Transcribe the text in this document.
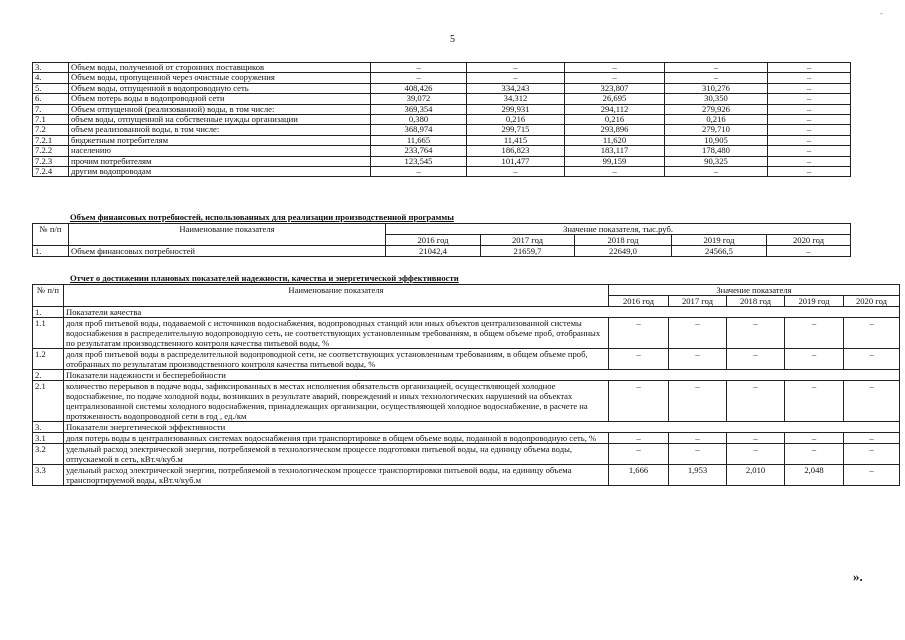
5
-
3.	Объем воды, полученной от сторонних поставщиков	–	–	–	–	–
4.	Объем воды, пропущенной через очистные сооружения	–	–	–	–	–
5.	Объем воды, отпущенной в водопроводную сеть	408,426	334,243	323,807	310,276	–
6.	Объем потерь воды в водопроводной сети	39,072	34,312	26,695	30,350	–
7.	Объем отпущенной (реализованной) воды, в том числе:	369,354	299,931	294,112	279,926	–
7.1	объем воды, отпущенной на собственные нужды организации	0,380	0,216	0,216	0,216	–
7.2	объем реализованной воды, в том числе:	368,974	299,715	293,896	279,710	–
7.2.1	бюджетным потребителям	11,665	11,415	11,620	10,905	–
7.2.2	населению	233,764	186,823	183,117	178,480	–
7.2.3	прочим потребителям	123,545	101,477	99,159	90,325	–
7.2.4	другим водопроводам	–	–	–	–	–
Объем финансовых потребностей, использованных для реализации производственной программы
№ п/п	Наименование показателя	Значение показателя, тыс.руб.				
		2016 год	2017 год	2018 год	2019 год	2020 год
1.	Объем финансовых потребностей	21042,4	21659,7	22649,0	24566,5	–
Отчет о достижении плановых показателей надежности, качества и энергетической эффективности
№ п/п	Наименование показателя	Значение показателя				
		2016 год	2017 год	2018 год	2019 год	2020 год
1.	Показатели качества					
1.1	доля проб питьевой воды, подаваемой с источников водоснабжения, водопроводных станций или иных объектов централизованной системы водоснабжения в распределительную водопроводную сеть, не соответствующих установленным требованиям, в общем объеме проб, отобранных по результатам производственного контроля качества питьевой воды, %	–	–	–	–	–
1.2	доля проб питьевой воды в распределительной водопроводной сети, не соответствующих установленным требованиям, в общем объеме проб, отобранных по результатам производственного контроля качества питьевой воды, %	–	–	–	–	–
2.	Показатели надежности и бесперебойности					
2.1	количество перерывов в подаче воды, зафиксированных в местах исполнения обязательств организацией, осуществляющей холодное водоснабжение, по подаче холодной воды, возникших в результате аварий, повреждений и иных технологических нарушений на объектах централизованной системы холодного водоснабжения, принадлежащих организации, осуществляющей холодное водоснабжение, в расчете на протяженность водопроводной сети в год , ед./км	–	–	–	–	–
3.	Показатели энергетической эффективности					
3.1	доля потерь воды в централизованных системах водоснабжения при транспортировке в общем объеме воды, поданной в водопроводную сеть, %	–	–	–	–	–
3.2	удельный расход электрической энергии, потребляемой в технологическом процессе подготовки питьевой воды, на единицу объема воды, отпускаемой в сеть, кВт.ч/куб.м	–	–	–	–	–
3.3	удельный расход электрической энергии, потребляемой в технологическом процессе транспортировки питьевой воды, на единицу объема транспортируемой воды, кВт.ч/куб.м	1,666	1,953	2,010	2,048	–
».
